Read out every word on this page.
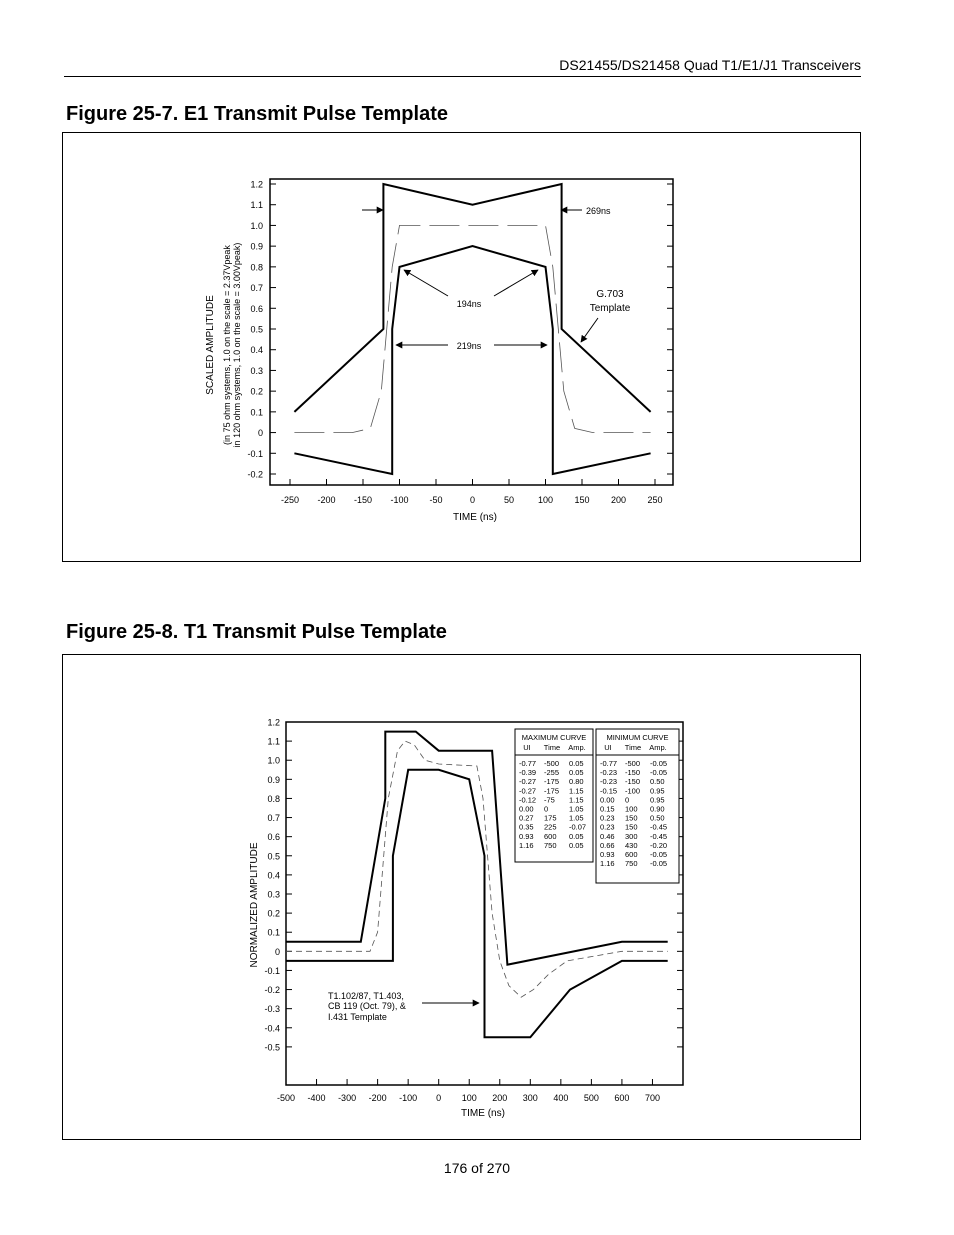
DS21455/DS21458 Quad T1/E1/J1 Transceivers
Figure 25-7. E1 Transmit Pulse Template
Figure 25-8. T1 Transmit Pulse Template
1.2
1.1
1.0
0.9
0.8
0.7
0.6
0.5
0.4
0.3
0.2
0.1
0
-0.1
-0.2
-250 -200 -150 -100 -50	0	50	100 150 200 250
SCALED AMPLITUDE (in 75 ohm systems, 1.0 on the scale = 2.37Vpeak in 120 ohm systems, 1.0 on the scale = 3.00Vpeak)
TIME (ns)
269ns
194ns
219ns
G.703
Template
1.2
1.1
1.0
0.9
0.8
0.7
0.6
0.5
0.4
0.3
0.2
0.1
0
-0.1
-0.2
-0.3
-0.4
-0.5
-500 -400 -300 -200 -100 0 100 200 300 400 500 600 700
NORMALIZED AMPLITUDE
TIME (ns)
T1.102/87, T1.403,
CB 119 (Oct. 79), &
I.431 Template
MAXIMUM CURVE
UI Time Amp.
-0.77 -500 0.05
-0.39 -255 0.05
-0.27 -175 0.80
-0.27 -175 1.15
-0.12 -75 1.15
0.00 0	1.05
0.27 175 1.05
0.35 225 -0.07
0.93 600 0.05
1.16 750 0.05
MINIMUM CURVE
UI Time Amp.
-0.77 -500 -0.05
-0.23 -150 -0.05
-0.23 -150 0.50
-0.15 -100 0.95
0.00 0	0.95
0.15 100 0.90
0.23 150 0.50
0.23 150 -0.45
0.46 300 -0.45
0.66 430 -0.20
0.93 600 -0.05
1.16 750 -0.05
176 of 270
